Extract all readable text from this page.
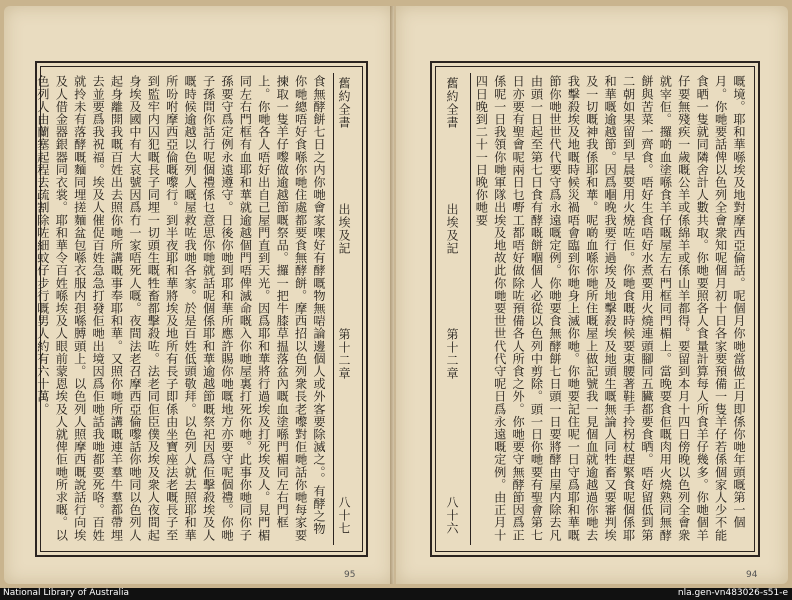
舊約全書
出埃及記
第十二章
八十七
食無酵餅七日之内你哋會家㗎好有酵嘅物無啱論邊個人或外客要除滅之。。有酵之物你哋總唔好食喺你哋住處都要食無酵餅。摩西招以色列衆長老嚟對佢哋話你哋每家要揀取一隻羊仔嚟做逾越節嘅祭品。攞一把牛膝草揾落盆內嘅血塗喺門楣同左右門框上。你哋各人唔好出自己屋門直到天光。因爲耶和華將行過埃及打死埃及人。見門楣同左右門框有血耶和華就逾越個門唔俾滅命嘅入你哋屋裏打死你哋。此事你哋同你子孫要守爲定例永遠遵守。日後你哋到耶和華所應許賜你哋嘅地方亦要守呢個禮。你哋子孫問你話行呢個禮係乜意思你哋就話呢個係耶和華逾越節嘅祭祀因爲佢擊殺埃及人嘅時候逾越以色列人嘅屋救咗我哋各家。於是百姓低頭敬拜。以色列人就去照耶和華所吩咐摩西亞倫嘅嚟行。到半夜耶和華將埃及地所有長子即係由坐寶座法老嘅長子至到監牢内囚犯嘅長子同埋一切頭生嘅牲畜都擊殺咗。法老同佢臣僕及埃及衆人夜間起身埃及國中有大哀號因爲冇一家唔死人嘅。夜間法老召摩西亞倫嚟話你哋同以色列人起身離開我嘅百姓出去照你哋所講嘅事奉耶和華。又照你哋所講嘅連羊羣牛羣都帶埋去並要爲我祝福。埃及人催促百姓急急打發佢哋出境因爲佢哋話我哋都要死咯。百姓就拎未有落酵嘅麵同埋搓麵盆包喺衣服内孭喺膊頭上。以色列人照摩西嘅說話行向埃及人借金器銀器同衣裳。耶和華令百姓喺埃及人眼前蒙恩埃及人就俾佢哋所求嘅。以色列人由蘭塞起程去疏割除咗細蚊仔步行嘅男人約有六十萬。
95
舊約全書
出埃及記
第十二章
八十六	嘅境。耶和華喺埃及地對摩西亞倫話。呢個月你哋當做正月即係你哋年頭嘅第一個月。你哋要話俾以色列全會衆知呢個月初十日各家要預備一隻羊仔若係個家人少不能食晒一隻就同隣舍計人數共取。你哋要照各人食量計算每人所食羊仔幾多。你哋個羊仔要無殘疾一歲嘅公羊或係綿羊或係山羊都得。要留到本月十四日傍晚以色列全會衆就宰佢。攞啲血塗喺食羊仔嘅屋左右門框同門楣上。當晚要食佢嘅肉用火燒熟同無酵餅與苦菜一齊食。唔好生食唔好水煮要用火燒連頭腳同五臟都要食晒。唔好留低到第二朝如果留到早晨要用火燒咗佢。你哋食嘅時候要束腰著鞋手拎柺杖趕緊食呢個係耶和華嘅逾越節。因爲嗰晚我要行過埃及地擊殺埃及地頭生嘅無論人同牲畜又要審判埃及一切嘅神我係耶和華。呢啲血喺你哋所住嘅屋上做記號我一見個血就逾越過你哋去我擊殺埃及地嘅時候災禍唔會臨到你哋身上滅你哋。你哋要記住呢一日守爲耶和華嘅節你哋世世代代要守爲永遠嘅定例。你哋要食無酵餅七日頭一日要將酵由屋内除去凡由頭一日起至第七日食有酵嘅餅嗰個人必從以色列中剪除。頭一日你哋要有聖會第七日亦要有聖會呢兩日乜嘢工都唔好做除咗預備各人所食之外。你哋要守無酵節因爲正係呢一日我領你哋軍隊出埃及地故此你哋要世世代代守呢日爲永遠嘅定例。由正月十四日晚到二十一日晚你哋要
94
National Library of Australia	nla.gen-vn483026-s51-e
